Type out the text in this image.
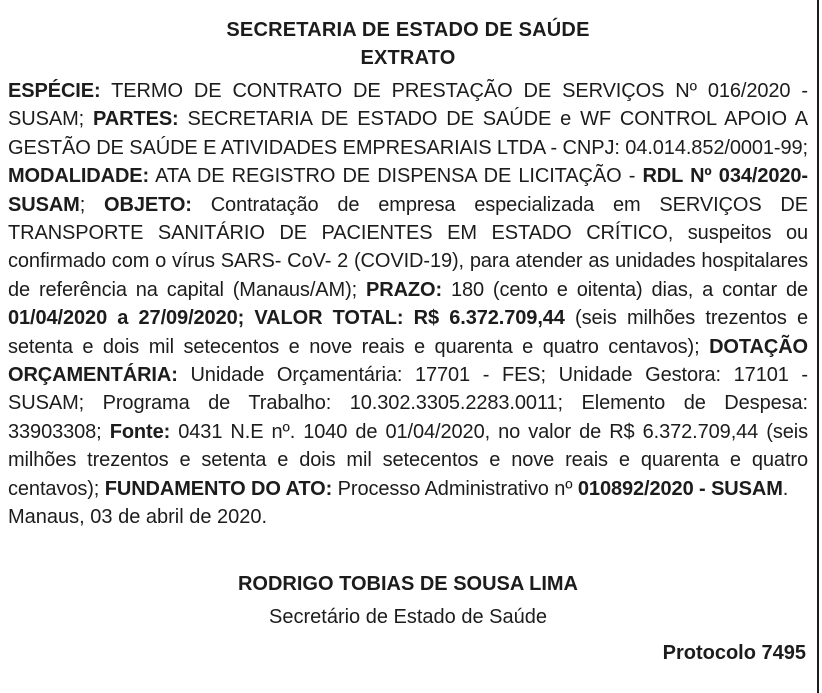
SECRETARIA DE ESTADO DE SAÚDE
EXTRATO
ESPÉCIE: TERMO DE CONTRATO DE PRESTAÇÃO DE SERVIÇOS Nº 016/2020 - SUSAM; PARTES: SECRETARIA DE ESTADO DE SAÚDE e WF CONTROL APOIO A GESTÃO DE SAÚDE E ATIVIDADES EMPRESARIAIS LTDA - CNPJ: 04.014.852/0001-99; MODALIDADE: ATA DE REGISTRO DE DISPENSA DE LICITAÇÃO - RDL Nº 034/2020-SUSAM; OBJETO: Contratação de empresa especializada em SERVIÇOS DE TRANSPORTE SANITÁRIO DE PACIENTES EM ESTADO CRÍTICO, suspeitos ou confirmado com o vírus SARS- CoV- 2 (COVID-19), para atender as unidades hospitalares de referência na capital (Manaus/AM); PRAZO: 180 (cento e oitenta) dias, a contar de 01/04/2020 a 27/09/2020; VALOR TOTAL: R$ 6.372.709,44 (seis milhões trezentos e setenta e dois mil setecentos e nove reais e quarenta e quatro centavos); DOTAÇÃO ORÇAMENTÁRIA: Unidade Orçamentária: 17701 - FES; Unidade Gestora: 17101 - SUSAM; Programa de Trabalho: 10.302.3305.2283.0011; Elemento de Despesa: 33903308; Fonte: 0431 N.E nº. 1040 de 01/04/2020, no valor de R$ 6.372.709,44 (seis milhões trezentos e setenta e dois mil setecentos e nove reais e quarenta e quatro centavos); FUNDAMENTO DO ATO: Processo Administrativo nº 010892/2020 - SUSAM.
Manaus, 03 de abril de 2020.
RODRIGO TOBIAS DE SOUSA LIMA
Secretário de Estado de Saúde
Protocolo 7495
